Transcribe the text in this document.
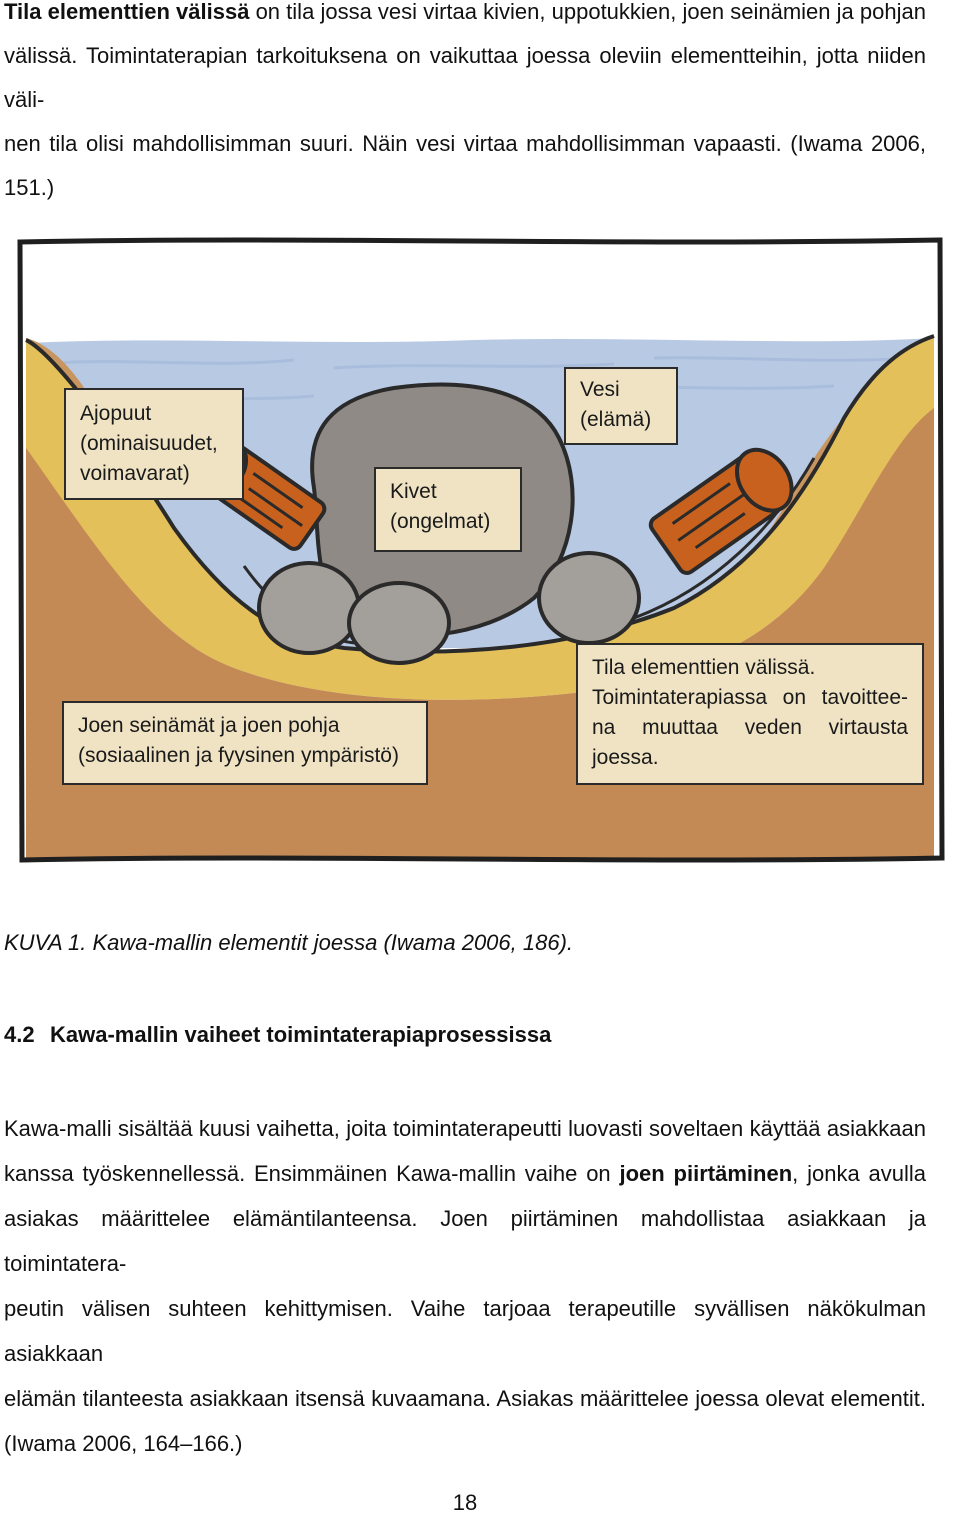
Tila elementtien välissä on tila jossa vesi virtaa kivien, uppotukkien, joen seinämien ja pohjan
välissä. Toimintaterapian tarkoituksena on vaikuttaa joessa oleviin elementteihin, jotta niiden väli-
nen tila olisi mahdollisimman suuri. Näin vesi virtaa mahdollisimman vapaasti. (Iwama 2006,
151.)
Ajopuut
(ominaisuudet,
voimavarat)
Kivet
(ongelmat)
Vesi
(elämä)
Joen seinämät ja joen pohja
(sosiaalinen ja fyysinen ympäristö)
Tila elementtien välissä.
Toimintaterapiassa on tavoittee-
na muuttaa veden virtausta
joessa.

KUVA 1. Kawa-mallin elementit joessa (Iwama 2006, 186).

4.2 Kawa-mallin vaiheet toimintaterapiaprosessissa
Kawa-malli sisältää kuusi vaihetta, joita toimintaterapeutti luovasti soveltaen käyttää asiakkaan
kanssa työskennellessä. Ensimmäinen Kawa-mallin vaihe on joen piirtäminen, jonka avulla
asiakas määrittelee elämäntilanteensa. Joen piirtäminen mahdollistaa asiakkaan ja toimintatera-
peutin välisen suhteen kehittymisen. Vaihe tarjoaa terapeutille syvällisen näkökulman asiakkaan
elämän tilanteesta asiakkaan itsensä kuvaamana. Asiakas määrittelee joessa olevat elementit.
(Iwama 2006, 164–166.)

18
